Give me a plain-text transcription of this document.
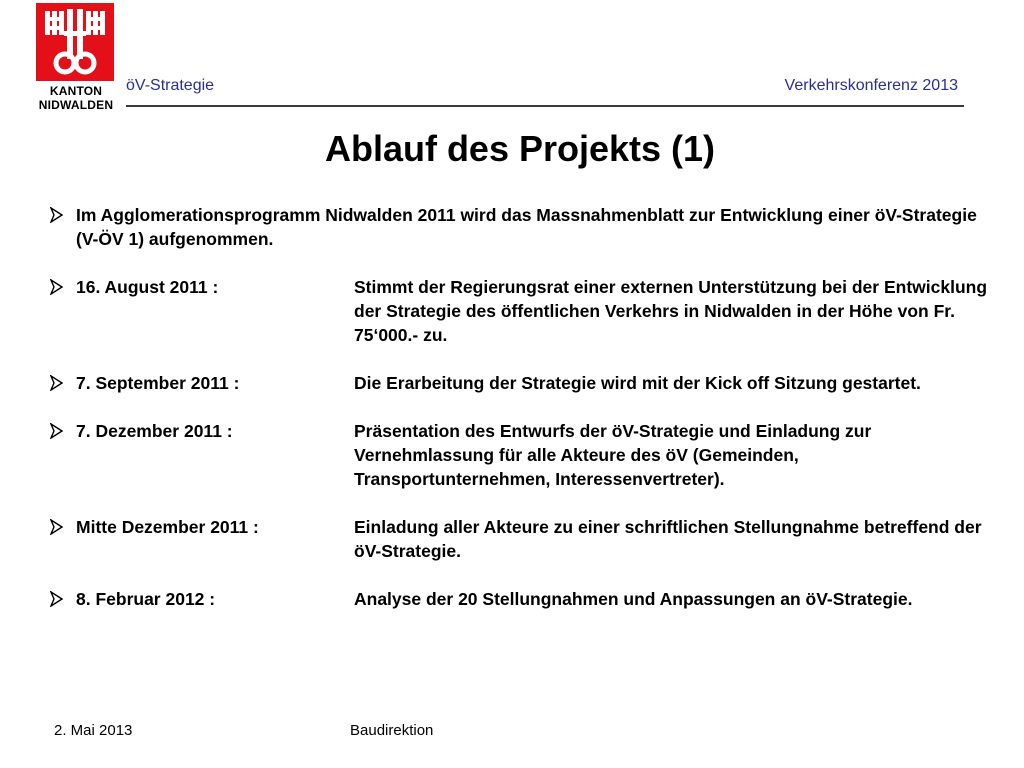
KANTON
NIDWALDEN
öV-Strategie	Verkehrskonferenz 2013
Ablauf des Projekts (1)
Im Agglomerationsprogramm Nidwalden 2011 wird das Massnahmenblatt zur Entwicklung einer öV-Strategie (V-ÖV 1) aufgenommen.
16. August 2011 :	Stimmt der Regierungsrat einer externen Unterstützung bei der Entwicklung der Strategie des öffentlichen Verkehrs in Nidwalden in der Höhe von Fr. 75‘000.- zu.
7. September 2011 :	Die Erarbeitung der Strategie wird mit der Kick off Sitzung gestartet.
7. Dezember 2011 :	Präsentation des Entwurfs der öV-Strategie und Einladung zur Vernehmlassung für alle Akteure des öV (Gemeinden, Transportunternehmen, Interessenvertreter).
Mitte Dezember 2011 :	Einladung aller Akteure zu einer schriftlichen Stellungnahme betreffend der öV-Strategie.
8. Februar 2012 :	Analyse der 20 Stellungnahmen und Anpassungen an öV-Strategie.
2. Mai 2013	Baudirektion
